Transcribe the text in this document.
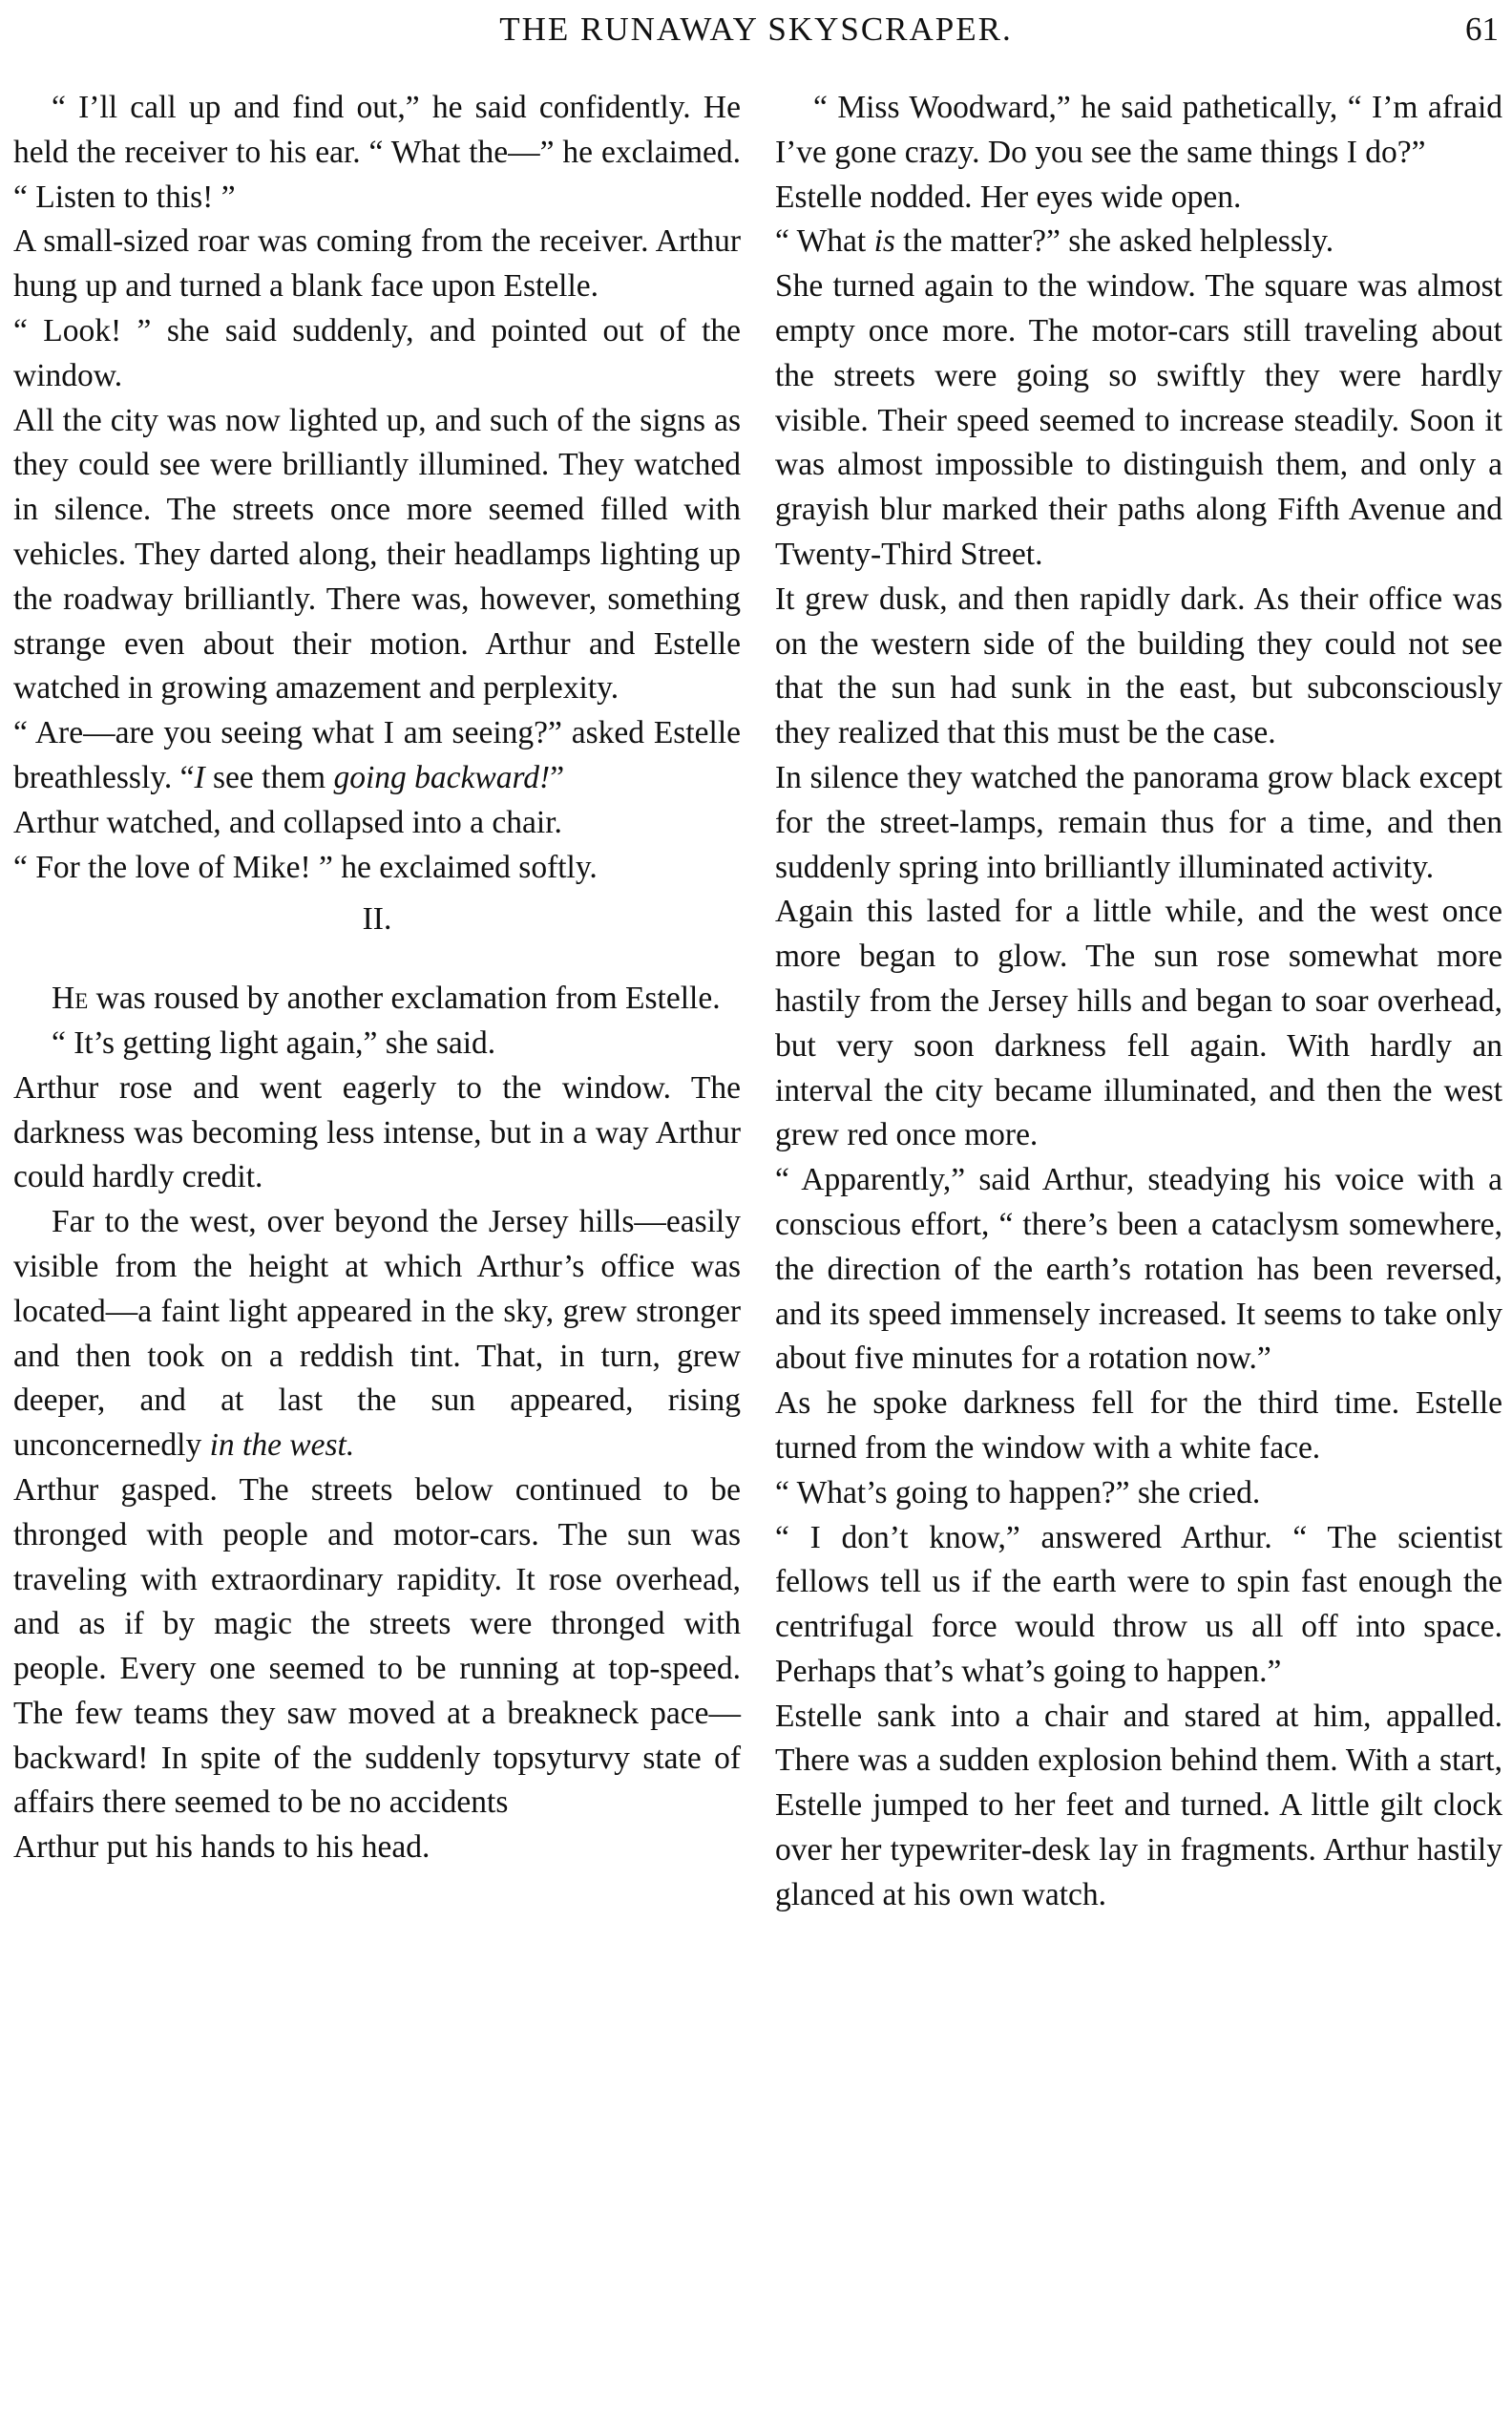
THE RUNAWAY SKYSCRAPER.	61

“ I’ll call up and find out,” he said confidently. He held the receiver to his ear. “ What the—” he exclaimed. “ Listen to this! ”

A small-sized roar was coming from the receiver. Arthur hung up and turned a blank face upon Estelle.

“ Look! ” she said suddenly, and pointed out of the window.

All the city was now lighted up, and such of the signs as they could see were brilliantly illumined. They watched in silence. The streets once more seemed filled with vehicles. They darted along, their headlamps lighting up the roadway brilliantly. There was, however, something strange even about their motion. Arthur and Estelle watched in growing amazement and perplexity.

“ Are—are you seeing what I am seeing?” asked Estelle breathlessly. “I see them going backward!”

Arthur watched, and collapsed into a chair.

“ For the love of Mike! ” he exclaimed softly.

II.

He was roused by another exclamation from Estelle.

“ It’s getting light again,” she said.

Arthur rose and went eagerly to the window. The darkness was becoming less intense, but in a way Arthur could hardly credit.

Far to the west, over beyond the Jersey hills—easily visible from the height at which Arthur’s office was located—a faint light appeared in the sky, grew stronger and then took on a reddish tint. That, in turn, grew deeper, and at last the sun appeared, rising unconcernedly in the west.

Arthur gasped. The streets below continued to be thronged with people and motor-cars. The sun was traveling with extraordinary rapidity. It rose overhead, and as if by magic the streets were thronged with people. Every one seemed to be running at top-speed. The few teams they saw moved at a breakneck pace—backward! In spite of the suddenly topsyturvy state of affairs there seemed to be no accidents

Arthur put his hands to his head.

“ Miss Woodward,” he said pathetically, “ I’m afraid I’ve gone crazy. Do you see the same things I do?”

Estelle nodded. Her eyes wide open.

“ What is the matter?” she asked helplessly.

She turned again to the window. The square was almost empty once more. The motor-cars still traveling about the streets were going so swiftly they were hardly visible. Their speed seemed to increase steadily. Soon it was almost impossible to distinguish them, and only a grayish blur marked their paths along Fifth Avenue and Twenty-Third Street.

It grew dusk, and then rapidly dark. As their office was on the western side of the building they could not see that the sun had sunk in the east, but subconsciously they realized that this must be the case.

In silence they watched the panorama grow black except for the street-lamps, remain thus for a time, and then suddenly spring into brilliantly illuminated activity.

Again this lasted for a little while, and the west once more began to glow. The sun rose somewhat more hastily from the Jersey hills and began to soar overhead, but very soon darkness fell again. With hardly an interval the city became illuminated, and then the west grew red once more.

“ Apparently,” said Arthur, steadying his voice with a conscious effort, “ there’s been a cataclysm somewhere, the direction of the earth’s rotation has been reversed, and its speed immensely increased. It seems to take only about five minutes for a rotation now.”

As he spoke darkness fell for the third time. Estelle turned from the window with a white face.

“ What’s going to happen?” she cried.

“ I don’t know,” answered Arthur. “ The scientist fellows tell us if the earth were to spin fast enough the centrifugal force would throw us all off into space. Perhaps that’s what’s going to happen.”

Estelle sank into a chair and stared at him, appalled. There was a sudden explosion behind them. With a start, Estelle jumped to her feet and turned. A little gilt clock over her typewriter-desk lay in fragments. Arthur hastily glanced at his own watch.
